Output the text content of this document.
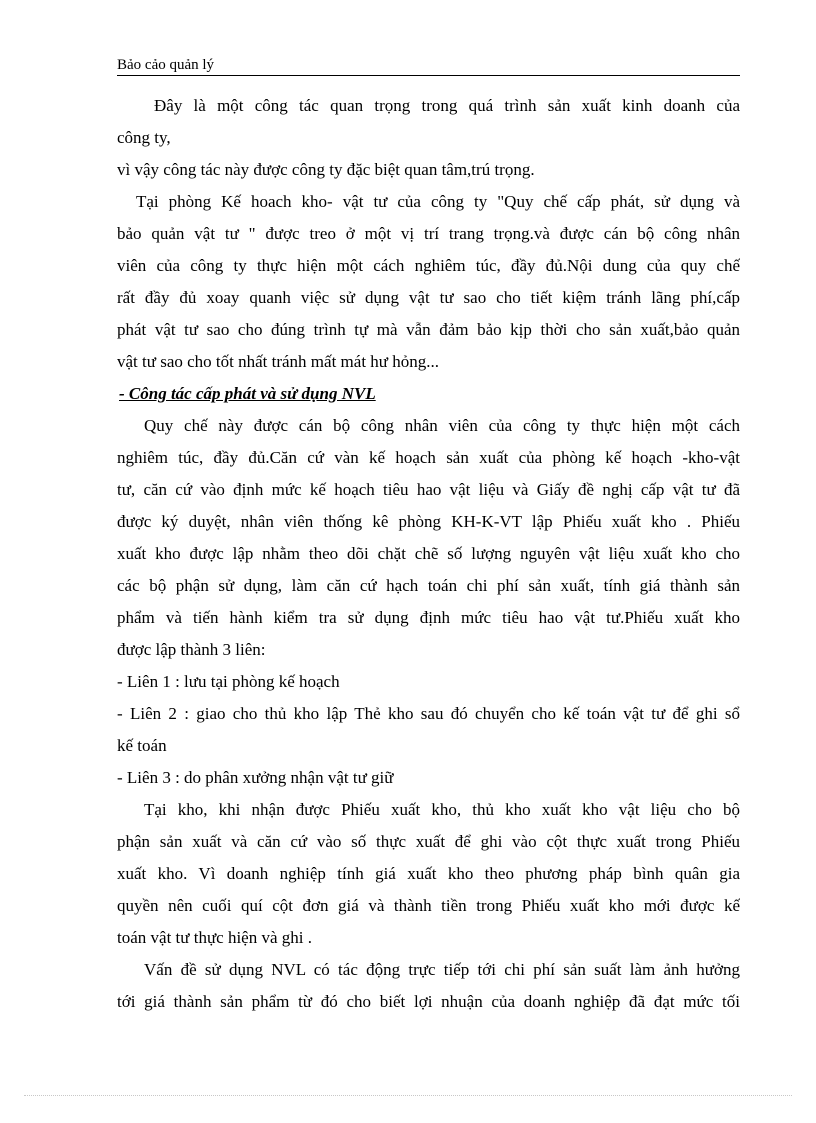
Bảo cảo quản lý
Đây là một công tác quan trọng trong quá trình sản xuất kinh doanh của
công ty,
vì vậy công tác này được công ty đặc biệt quan tâm,trú trọng.
Tại phòng Kế hoach kho- vật tư của công ty "Quy chế cấp phát, sử dụng và
bảo quản vật tư " được treo ở một vị trí trang trọng.và được cán bộ công nhân
viên của công ty thực hiện một cách nghiêm túc, đầy đủ.Nội dung của quy chế
rất đầy đủ xoay quanh việc sử dụng vật tư sao cho tiết kiệm tránh lãng phí,cấp
phát vật tư sao cho đúng trình tự mà vẫn đảm bảo kịp thời cho sản xuất,bảo quản
vật tư sao cho tốt nhất tránh mất mát hư hỏng...
- Công tác cấp phát và sử dụng NVL
Quy chế này được cán bộ công nhân viên của công ty thực hiện một cách
nghiêm túc, đầy đủ.Căn cứ vàn kế hoạch sản xuất của phòng kế hoạch -kho-vật
tư, căn cứ vào định mức kế hoạch tiêu hao vật liệu và Giấy đề nghị cấp vật tư đã
được ký duyệt, nhân viên thống kê phòng KH-K-VT lập Phiếu xuất kho . Phiếu
xuất kho được lập nhằm theo dõi chặt chẽ số lượng nguyên vật liệu xuất kho cho
các bộ phận sử dụng, làm căn cứ hạch toán chi phí sản xuất, tính giá thành sản
phẩm và tiến hành kiểm tra sử dụng định mức tiêu hao vật tư.Phiếu xuất kho
được lập thành 3 liên:
- Liên 1 : lưu tại phòng kế hoạch
- Liên 2 : giao cho thủ kho lập Thẻ kho sau đó chuyển cho kế toán vật tư để ghi sổ
kế toán
- Liên 3 : do phân xưởng nhận vật tư giữ
Tại kho, khi nhận được Phiếu xuất kho, thủ kho xuất kho vật liệu cho bộ
phận sản xuất và căn cứ vào số thực xuất để ghi vào cột thực xuất trong Phiếu
xuất kho. Vì doanh nghiệp tính giá xuất kho theo phương pháp bình quân gia
quyền nên cuối quí cột đơn giá và thành tiền trong Phiếu xuất kho mới được kế
toán vật tư thực hiện và ghi .
Vấn đề sử dụng NVL có tác động trực tiếp tới chi phí sản suất làm ảnh hưởng
tới giá thành sản phẩm từ đó cho biết lợi nhuận của doanh nghiệp đã đạt mức tối
